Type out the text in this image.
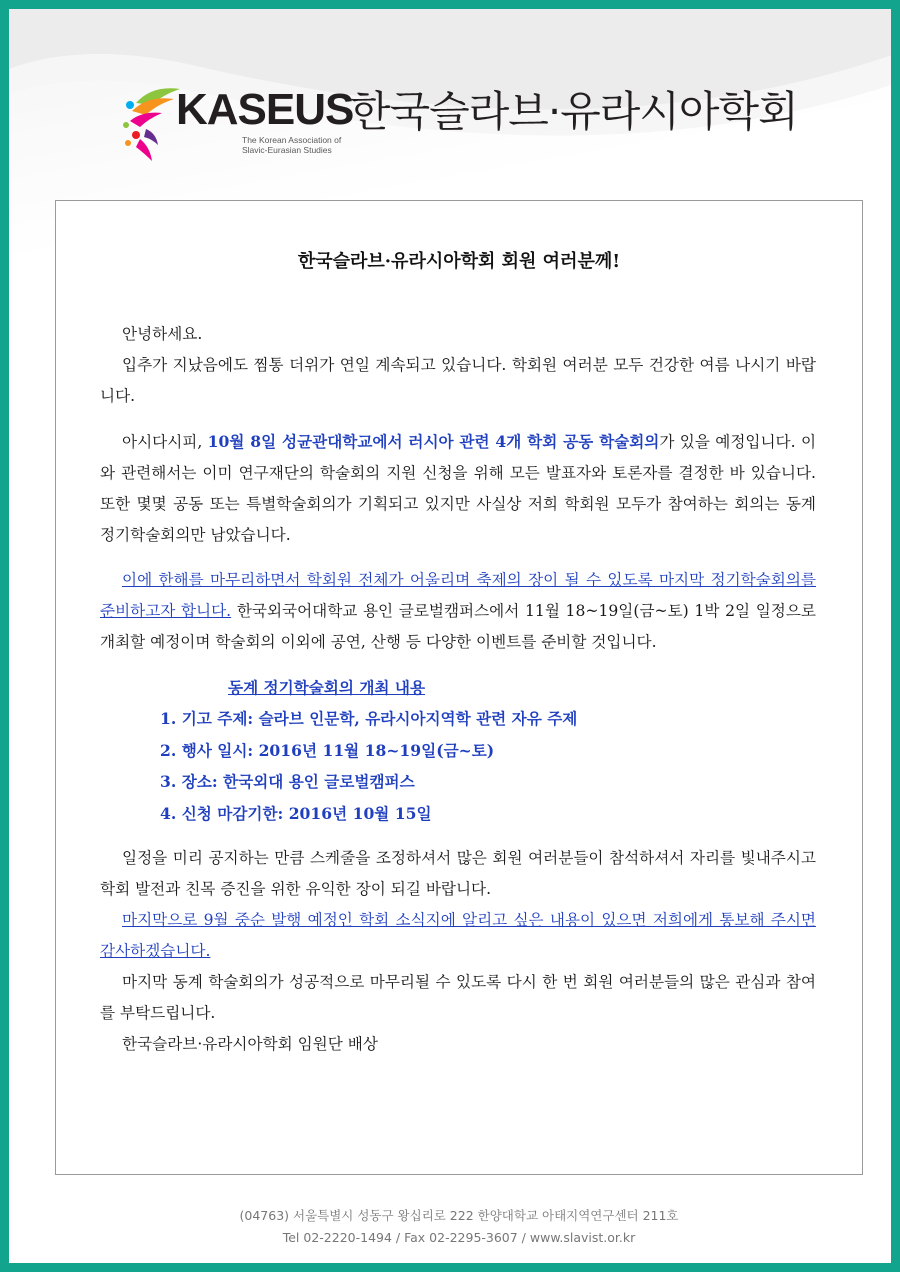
KASEUS
The Korean Association of Slavic-Eurasian Studies
한국슬라브·유라시아학회
한국슬라브·유라시아학회 회원 여러분께!

안녕하세요.

입추가 지났음에도 찜통 더위가 연일 계속되고 있습니다. 학회원 여러분 모두 건강한 여름 나시기 바랍니다.

아시다시피, 10월 8일 성균관대학교에서 러시아 관련 4개 학회 공동 학술회의가 있을 예정입니다. 이와 관련해서는 이미 연구재단의 학술회의 지원 신청을 위해 모든 발표자와 토론자를 결정한 바 있습니다. 또한 몇몇 공동 또는 특별학술회의가 기획되고 있지만 사실상 저희 학회원 모두가 참여하는 회의는 동계 정기학술회의만 남았습니다.

이에 한해를 마무리하면서 학회원 전체가 어울리며 축제의 장이 될 수 있도록 마지막 정기학술회의를 준비하고자 합니다. 한국외국어대학교 용인 글로벌캠퍼스에서 11월 18~19일(금~토) 1박 2일 일정으로 개최할 예정이며 학술회의 이외에 공연, 산행 등 다양한 이벤트를 준비할 것입니다.

동계 정기학술회의 개최 내용
1. 기고 주제: 슬라브 인문학, 유라시아지역학 관련 자유 주제
2. 행사 일시: 2016년 11월 18~19일(금~토)
3. 장소: 한국외대 용인 글로벌캠퍼스
4. 신청 마감기한: 2016년 10월 15일

일정을 미리 공지하는 만큼 스케줄을 조정하셔서 많은 회원 여러분들이 참석하셔서 자리를 빛내주시고 학회 발전과 친목 증진을 위한 유익한 장이 되길 바랍니다.

마지막으로 9월 중순 발행 예정인 학회 소식지에 알리고 싶은 내용이 있으면 저희에게 통보해 주시면 감사하겠습니다.

마지막 동계 학술회의가 성공적으로 마무리될 수 있도록 다시 한 번 회원 여러분들의 많은 관심과 참여를 부탁드립니다.

한국슬라브·유라시아학회 임원단 배상

(04763) 서울특별시 성동구 왕십리로 222 한양대학교 아태지역연구센터 211호
Tel 02-2220-1494 / Fax 02-2295-3607 / www.slavist.or.kr
